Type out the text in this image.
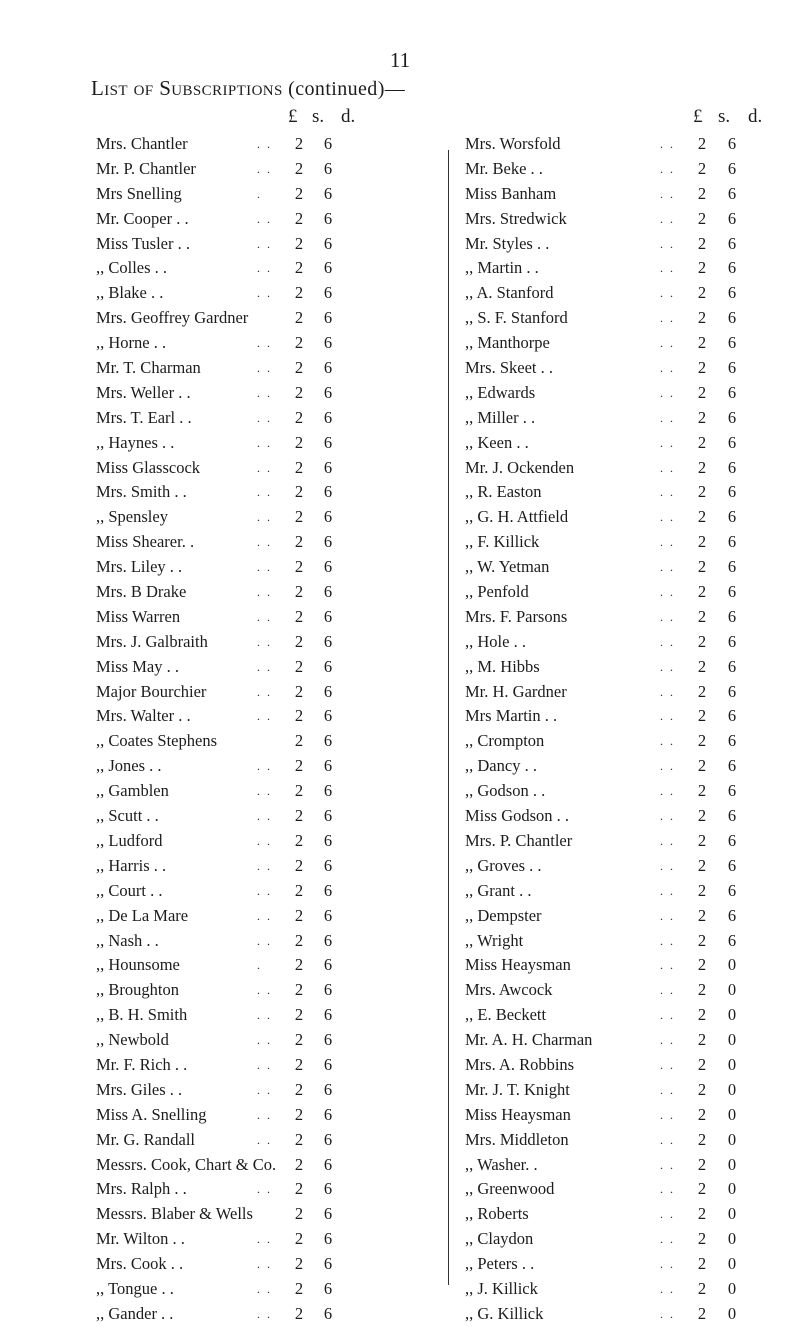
11
List of Subscriptions (continued)—
£ s. d.
Mrs. Chantler	. . 2 6
Mr. P. Chantler	. . 2 6
Mrs Snelling	. 2 6
Mr. Cooper . .	. . 2 6
Miss Tusler . .	. . 2 6
,, Colles . .	. . 2 6
,, Blake . .	. . 2 6
Mrs. Geoffrey Gardner	2 6
,, Horne . .	. . 2 6
Mr. T. Charman	. . 2 6
Mrs. Weller . .	. . 2 6
Mrs. T. Earl . .	. . 2 6
,, Haynes . .	. . 2 6
Miss Glasscock	. . 2 6
Mrs. Smith . .	. . 2 6
,, Spensley	. . 2 6
Miss Shearer. .	. . 2 6
Mrs. Liley . .	. . 2 6
Mrs. B Drake	. . 2 6
Miss Warren	. . 2 6
Mrs. J. Galbraith	. . 2 6
Miss May . .	. . 2 6
Major Bourchier	. . 2 6
Mrs. Walter . .	. . 2 6
,, Coates Stephens	2 6
,, Jones . .	. . 2 6
,, Gamblen	. . 2 6
,, Scutt . .	. . 2 6
,, Ludford	. . 2 6
,, Harris . .	. . 2 6
,, Court . .	. . 2 6
,, De La Mare	. . 2 6
,, Nash . .	. . 2 6
,, Hounsome	. 2 6
,, Broughton	. . 2 6
,, B. H. Smith	. . 2 6
,, Newbold	. . 2 6
Mr. F. Rich . .	. . 2 6
Mrs. Giles . .	. . 2 6
Miss A. Snelling	. . 2 6
Mr. G. Randall	. . 2 6
Messrs. Cook, Chart & Co. 2 6
Mrs. Ralph . .	. . 2 6
Messrs. Blaber & Wells	2 6
Mr. Wilton . .	. . 2 6
Mrs. Cook . .	. . 2 6
,, Tongue . .	. . 2 6
,, Gander . .	. . 2 6
£ s. d.
Mrs. Worsfold	. . 2 6
Mr. Beke . .	. . 2 6
Miss Banham	. . 2 6
Mrs. Stredwick	. . 2 6
Mr. Styles . .	. . 2 6
,, Martin . .	. . 2 6
,, A. Stanford	. . 2 6
,, S. F. Stanford	. . 2 6
,, Manthorpe	. . 2 6
Mrs. Skeet . .	. . 2 6
,, Edwards	. . 2 6
,, Miller . .	. . 2 6
,, Keen . .	. . 2 6
Mr. J. Ockenden	. . 2 6
,, R. Easton	. . 2 6
,, G. H. Attfield	. . 2 6
,, F. Killick	. . 2 6
,, W. Yetman	. . 2 6
,, Penfold	. . 2 6
Mrs. F. Parsons	. . 2 6
,, Hole . .	. . 2 6
,, M. Hibbs	. . 2 6
Mr. H. Gardner	. . 2 6
Mrs Martin . .	. . 2 6
,, Crompton	. . 2 6
,, Dancy . .	. . 2 6
,, Godson . .	. . 2 6
Miss Godson . .	. . 2 6
Mrs. P. Chantler	. . 2 6
,, Groves . .	. . 2 6
,, Grant . .	. . 2 6
,, Dempster	. . 2 6
,, Wright	. . 2 6
Miss Heaysman	. . 2 0
Mrs. Awcock	. . 2 0
,, E. Beckett	. . 2 0
Mr. A. H. Charman	. . 2 0
Mrs. A. Robbins	. . 2 0
Mr. J. T. Knight	. . 2 0
Miss Heaysman	. . 2 0
Mrs. Middleton	. . 2 0
,, Washer. .	. . 2 0
,, Greenwood	. . 2 0
,, Roberts	. . 2 0
,, Claydon	. . 2 0
,, Peters . .	. . 2 0
,, J. Killick	. . 2 0
,, G. Killick	. . 2 0
